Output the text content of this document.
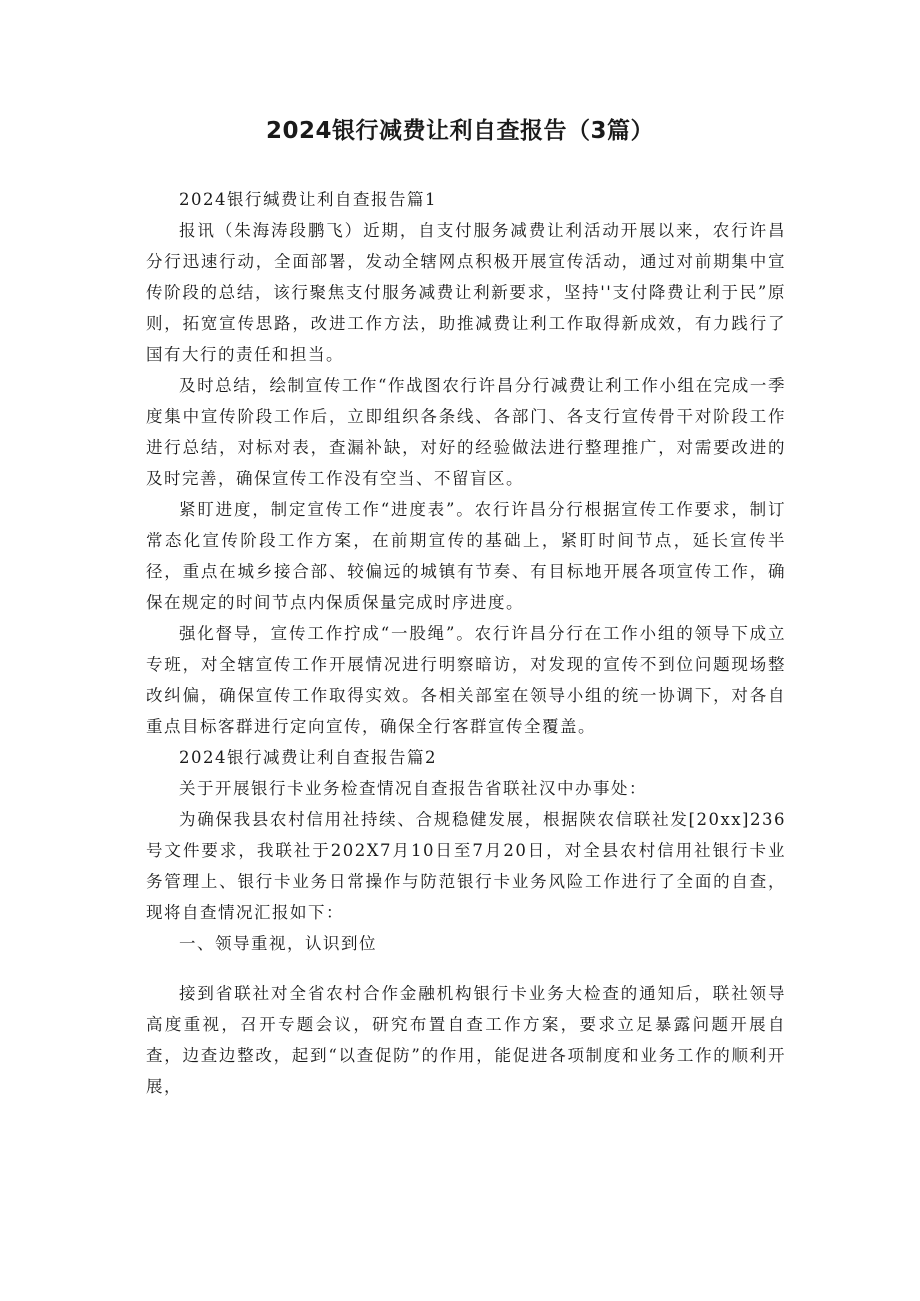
2024银行减费让利自查报告（3篇）

2024银行缄费让利自查报告篇1

报讯（朱海涛段鹏飞）近期，自支付服务减费让利活动开展以来，农行许昌分行迅速行动，全面部署，发动全辖网点积极开展宣传活动，通过对前期集中宣传阶段的总结，该行聚焦支付服务减费让利新要求，坚持''支付降费让利于民”原则，拓宽宣传思路，改进工作方法，助推减费让利工作取得新成效，有力践行了国有大行的责任和担当。

及时总结，绘制宣传工作“作战图农行许昌分行减费让利工作小组在完成一季度集中宣传阶段工作后，立即组织各条线、各部门、各支行宣传骨干对阶段工作进行总结，对标对表，查漏补缺，对好的经验做法进行整理推广，对需要改进的及时完善，确保宣传工作没有空当、不留盲区。

紧盯进度，制定宣传工作“进度表”。农行许昌分行根据宣传工作要求，制订常态化宣传阶段工作方案，在前期宣传的基础上，紧盯时间节点，延长宣传半径，重点在城乡接合部、较偏远的城镇有节奏、有目标地开展各项宣传工作，确保在规定的时间节点内保质保量完成时序进度。

强化督导，宣传工作拧成“一股绳”。农行许昌分行在工作小组的领导下成立专班，对全辖宣传工作开展情况进行明察暗访，对发现的宣传不到位问题现场整改纠偏，确保宣传工作取得实效。各相关部室在领导小组的统一协调下，对各自重点目标客群进行定向宣传，确保全行客群宣传全覆盖。

2024银行减费让利自查报告篇2

关于开展银行卡业务检查情况自查报告省联社汉中办事处：

为确保我县农村信用社持续、合规稳健发展，根据陕农信联社发[20xx]236号文件要求，我联社于202X7月10日至7月20日，对全县农村信用社银行卡业务管理上、银行卡业务日常操作与防范银行卡业务风险工作进行了全面的自查，现将自查情况汇报如下：

一、领导重视，认识到位

接到省联社对全省农村合作金融机构银行卡业务大检查的通知后，联社领导高度重视，召开专题会议，研究布置自查工作方案，要求立足暴露问题开展自查，边查边整改，起到“以查促防”的作用，能促进各项制度和业务工作的顺利开展，
